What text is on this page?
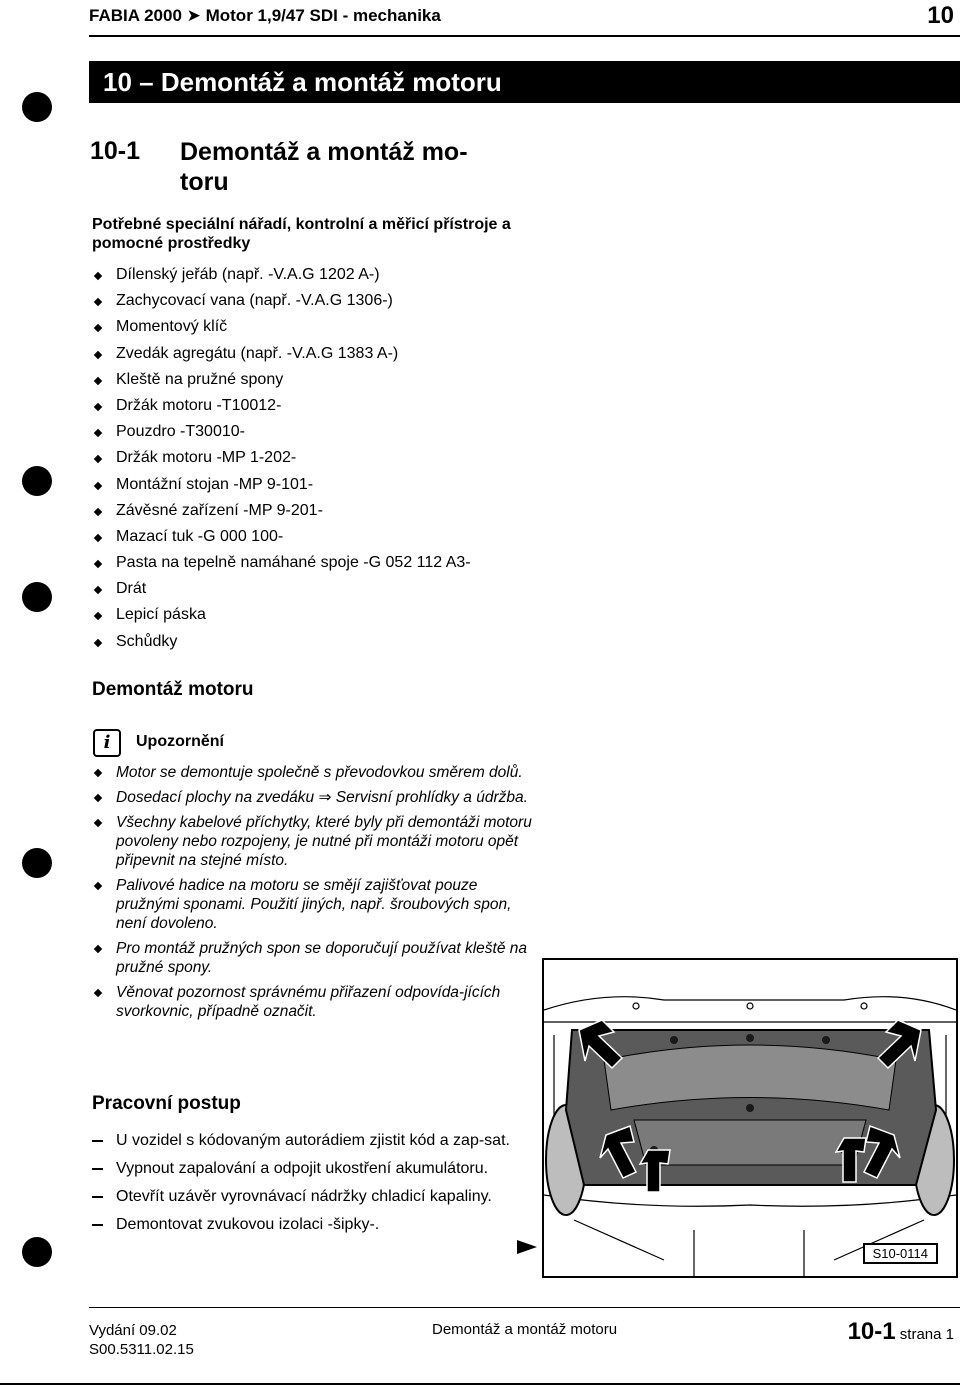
FABIA 2000 ➤ Motor 1,9/47 SDI - mechanika	10
10 – Demontáž a montáž motoru
10-1 Demontáž a montáž mo-toru
Potřebné speciální nářadí, kontrolní a měřicí přístroje a pomocné prostředky
Dílenský jeřáb (např. -V.A.G 1202 A-)
Zachycovací vana (např. -V.A.G 1306-)
Momentový klíč
Zvedák agregátu (např. -V.A.G 1383 A-)
Kleště na pružné spony
Držák motoru -T10012-
Pouzdro -T30010-
Držák motoru -MP 1-202-
Montážní stojan -MP 9-101-
Závěsné zařízení -MP 9-201-
Mazací tuk -G 000 100-
Pasta na tepelně namáhané spoje -G 052 112 A3-
Drát
Lepicí páska
Schůdky
Demontáž motoru
i	Upozornění
Motor se demontuje společně s převodovkou směrem dolů.
Dosedací plochy na zvedáku ⇒ Servisní prohlídky a údržba.
Všechny kabelové příchytky, které byly při demontáži motoru povoleny nebo rozpojeny, je nutné při montáži motoru opět připevnit na stejné místo.
Palivové hadice na motoru se smějí zajišťovat pouze pružnými sponami. Použití jiných, např. šroubových spon, není dovoleno.
Pro montáž pružných spon se doporučují používat kleště na pružné spony.
Věnovat pozornost správnému přiřazení odpovída-jících svorkovnic, případně označit.
Pracovní postup
U vozidel s kódovaným autorádiem zjistit kód a zap-sat.
Vypnout zapalování a odpojit ukostření akumulátoru.
Otevřít uzávěr vyrovnávací nádržky chladicí kapaliny.
Demontovat zvukovou izolaci -šipky-.
S10-0114
Vydání 09.02
S00.5311.02.15
Demontáž a montáž motoru	10-1 strana 1
